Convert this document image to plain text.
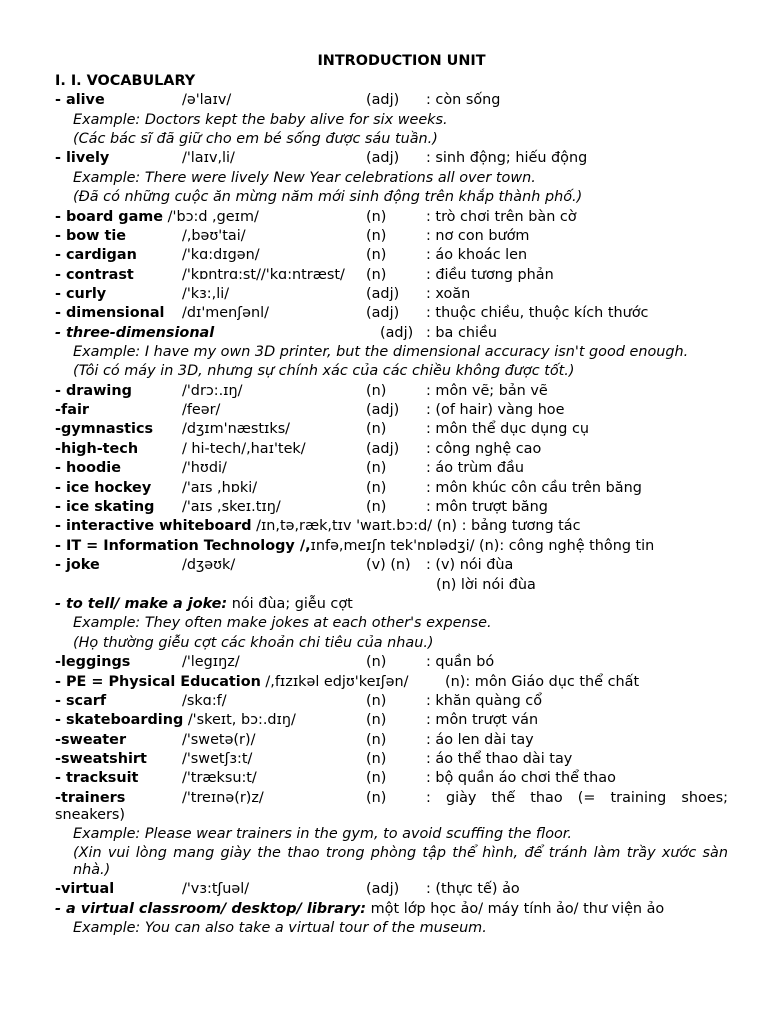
INTRODUCTION UNIT
I. I. VOCABULARY
- alive	/ə'laɪv/	(adj) : còn sống
Example: Doctors kept the baby alive for six weeks.
(Các bác sĩ đã giữ cho em bé sống được sáu tuần.)
- lively	/'laɪv,li/	(adj) : sinh động; hiếu động
Example: There were lively New Year celebrations all over town.
(Đã có những cuộc ăn mừng năm mới sinh động trên khắp thành phố.)
- board game /'bɔ:d ,geɪm/	(n)	: trò chơi trên bàn cờ
- bow tie	/,bəʊ'tai/	(n)	: nơ con bướm
- cardigan	/'kɑ:dɪgən/	(n)	: áo khoác len
- contrast	/'kɒntrɑ:st//'kɑ:ntræst/ (n)	: điều tương phản
- curly	/'kɜ:,li/	(adj) : xoăn
- dimensional /dɪ'menʃənl/	(adj) : thuộc chiều, thuộc kích thước
- three-dimensional	(adj) : ba chiều
Example: I have my own 3D printer, but the dimensional accuracy isn't good enough.
(Tôi có máy in 3D, nhưng sự chính xác của các chiều không được tốt.)
- drawing	/'drɔ:.ɪŋ/	(n)	: môn vẽ; bản vẽ
-fair	/feər/	(adj) : (of hair) vàng hoe
-gymnastics /dʒɪm'næstɪks/	(n)	: môn thể dục dụng cụ
-high-tech	/ hi-tech/,haɪ'tek/	(adj) : công nghệ cao
- hoodie	/'hʊdi/	(n)	: áo trùm đầu
- ice hockey /'aɪs ,hɒki/	(n)	: môn khúc côn cầu trên băng
- ice skating /'aɪs ,skeɪ.tɪŋ/	(n)	: môn trượt băng
- interactive whiteboard /ɪn,tə,ræk,tɪv 'waɪt.bɔ:d/ (n) : bảng tương tác
- IT = Information Technology /,ɪnfə,meɪʃn tek'nɒlədʒi/ (n): công nghệ thông tin
- joke	/dʒəʊk/	(v) (n) : (v) nói đùa
(n) lời nói đùa
- to tell/ make a joke: nói đùa; giễu cợt
Example: They often make jokes at each other's expense.
(Họ thường giễu cợt các khoản chi tiêu của nhau.)
-leggings	/'legɪŋz/	(n)	: quần bó
- PE = Physical Education /,fɪzɪkəl edjʊ'keɪʃən/        (n): môn Giáo dục thể chất
- scarf	/skɑ:f/	(n)	: khăn quàng cổ
- skateboarding /'skeɪt, bɔ:.dɪŋ/	(n)	: môn trượt ván
-sweater	/'swetə(r)/	(n)	: áo len dài tay
-sweatshirt /'swetʃɜ:t/	(n)	: áo thể thao dài tay
- tracksuit	/'træksu:t/	(n)	: bộ quần áo chơi thể thao
-trainers	/'treɪnə(r)z/	(n)	: giày thể thao (= training shoes;
sneakers)
Example: Please wear trainers in the gym, to avoid scuffing the floor.
(Xin vui lòng mang giày the thao trong phòng tập thể hình, để tránh làm trầy xước sàn nhà.)
-virtual	/'vɜ:tʃuəl/	(adj) : (thực tế) ảo
- a virtual classroom/ desktop/ library: một lớp học ảo/ máy tính ảo/ thư viện ảo
Example: You can also take a virtual tour of the museum.
